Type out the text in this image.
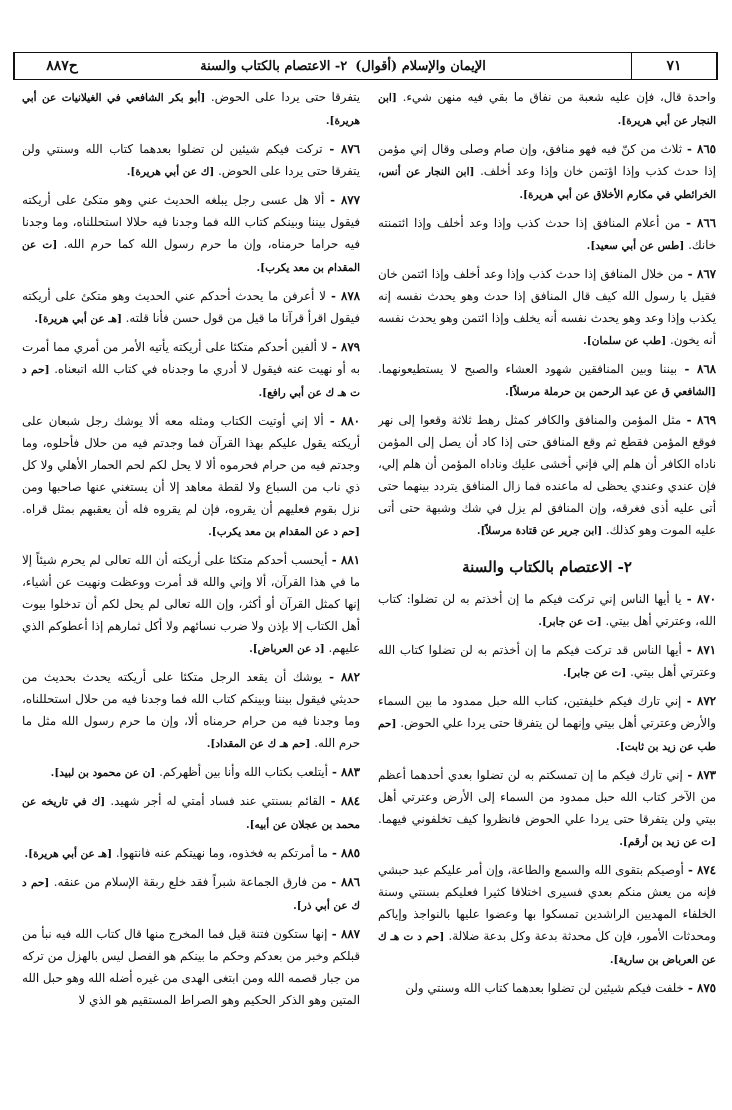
٧١
الإيمان والإسلام (أقوال)
٢- الاعتصام بالكتاب والسنة
ح٨٨٧

واحدة قال، فإن عليه شعبة من نفاق ما بقي فيه منهن شيء. [ابن النجار عن أبي هريرة].

٨٦٥ - ثلاث من كنّ فيه فهو منافق، وإن صام وصلى وقال إني مؤمن إذا حدث كذب وإذا اؤتمن خان وإذا وعد أخلف. [ابن النجار عن أنس، الخرائطي في مكارم الأخلاق عن أبي هريرة].

٨٦٦ - من أعلام المنافق إذا حدث كذب وإذا وعد أخلف وإذا ائتمنته خانك. [طس عن أبي سعيد].

٨٦٧ - من خلال المنافق إذا حدث كذب وإذا وعد أخلف وإذا ائتمن خان فقيل يا رسول الله كيف قال المنافق إذا حدث وهو يحدث نفسه إنه يكذب وإذا وعد وهو يحدث نفسه أنه يخلف وإذا ائتمن وهو يحدث نفسه أنه يخون. [طب عن سلمان].

٨٦٨ - بيننا وبين المنافقين شهود العشاء والصبح لا يستطيعونهما. [الشافعي ق عن عبد الرحمن بن حرملة مرسلاً].

٨٦٩ - مثل المؤمن والمنافق والكافر كمثل رهط ثلاثة وقعوا إلى نهر فوقع المؤمن فقطع ثم وقع المنافق حتى إذا كاد أن يصل إلى المؤمن ناداه الكافر أن هلم إلي فإني أخشى عليك وناداه المؤمن أن هلم إلي، فإن عندي وعندي يحظى له ماعنده فما زال المنافق يتردد بينهما حتى أتى عليه أذى فغرقه، وإن المنافق لم يزل في شك وشبهة حتى أتى عليه الموت وهو كذلك. [ابن جرير عن قتادة مرسلاً].

٢- الاعتصام بالكتاب والسنة

٨٧٠ - يا أيها الناس إني تركت فيكم ما إن أخذتم به لن تضلوا: كتاب الله، وعترتي أهل بيتي. [ت عن جابر].

٨٧١ - أيها الناس قد تركت فيكم ما إن أخذتم به لن تضلوا كتاب الله وعترتي أهل بيتي. [ت عن جابر].

٨٧٢ - إني تارك فيكم خليفتين، كتاب الله حبل ممدود ما بين السماء والأرض وعترتي أهل بيتي وإنهما لن يتفرقا حتى يردا علي الحوض. [حم طب عن زيد بن ثابت].

٨٧٣ - إني تارك فيكم ما إن تمسكتم به لن تضلوا بعدي أحدهما أعظم من الآخر كتاب الله حبل ممدود من السماء إلى الأرض وعترتي أهل بيتي ولن يتفرقا حتى يردا علي الحوض فانظروا كيف تخلفوني فيهما. [ت عن زيد بن أرقم].

٨٧٤ - أوصيكم بتقوى الله والسمع والطاعة، وإن أمر عليكم عبد حبشي فإنه من يعش منكم بعدي فسيرى اختلافا كثيرا فعليكم بسنتي وسنة الخلفاء المهديين الراشدين تمسكوا بها وعضوا عليها بالنواجذ وإياكم ومحدثات الأمور، فإن كل محدثة بدعة وكل بدعة ضلالة. [حم د ت هـ ك عن العرباض بن سارية].

٨٧٥ - خلفت فيكم شيئين لن تضلوا بعدهما كتاب الله وسنتي ولن

يتفرقا حتى يردا على الحوض. [أبو بكر الشافعي في الغيلانيات عن أبي هريرة].

٨٧٦ - تركت فيكم شيئين لن تضلوا بعدهما كتاب الله وسنتي ولن يتفرقا حتى يردا على الحوض. [ك عن أبي هريرة].

٨٧٧ - ألا هل عسى رجل يبلغه الحديث عني وهو متكئ على أريكته فيقول بيننا وبينكم كتاب الله فما وجدنا فيه حلالا استحللناه، وما وجدنا فيه حراما حرمناه، وإن ما حرم رسول الله كما حرم الله. [ت عن المقدام بن معد يكرب].

٨٧٨ - لا أعرفن ما يحدث أحدكم عني الحديث وهو متكئ على أريكته فيقول اقرأ قرآنا ما قيل من قول حسن فأنا قلته. [هـ عن أبي هريرة].

٨٧٩ - لا ألفين أحدكم متكئا على أريكته يأتيه الأمر من أمري مما أمرت به أو نهيت عنه فيقول لا أدري ما وجدناه في كتاب الله اتبعناه. [حم د ت هـ ك عن أبي رافع].

٨٨٠ - ألا إني أوتيت الكتاب ومثله معه ألا يوشك رجل شبعان على أريكته يقول عليكم بهذا القرآن فما وجدتم فيه من حلال فأحلوه، وما وجدتم فيه من حرام فحرموه ألا لا يحل لكم لحم الحمار الأهلي ولا كل ذي ناب من السباع ولا لقطة معاهد إلا أن يستغني عنها صاحبها ومن نزل بقوم فعليهم أن يقروه، فإن لم يقروه فله أن يعقبهم بمثل قراه. [حم د عن المقدام بن معد يكرب].

٨٨١ - أيحسب أحدكم متكئا على أريكته أن الله تعالى لم يحرم شيئاً إلا ما في هذا القرآن، ألا وإني والله قد أمرت ووعظت ونهيت عن أشياء، إنها كمثل القرآن أو أكثر، وإن الله تعالى لم يحل لكم أن تدخلوا بيوت أهل الكتاب إلا بإذن ولا ضرب نسائهم ولا أكل ثمارهم إذا أعطوكم الذي عليهم. [د عن العرباض].

٨٨٢ - يوشك أن يقعد الرجل متكئا على أريكته يحدث بحديث من حديثي فيقول بيننا وبينكم كتاب الله فما وجدنا فيه من حلال استحللناه، وما وجدنا فيه من حرام حرمناه ألا، وإن ما حرم رسول الله مثل ما حرم الله. [حم هـ ك عن المقداد].

٨٨٣ - أيتلعب بكتاب الله وأنا بين أظهركم. [ن عن محمود بن لبيد].

٨٨٤ - القائم بسنتي عند فساد أمتي له أجر شهيد. [ك في تاريخه عن محمد بن عجلان عن أبيه].

٨٨٥ - ما أمرتكم به فخذوه، وما نهيتكم عنه فانتهوا. [هـ عن أبي هريرة].

٨٨٦ - من فارق الجماعة شبراً فقد خلع ربقة الإسلام من عنقه. [حم د ك عن أبي ذر].

٨٨٧ - إنها ستكون فتنة قيل فما المخرج منها قال كتاب الله فيه نبأ من قبلكم وخبر من بعدكم وحكم ما بينكم هو الفصل ليس بالهزل من تركه من جبار قصمه الله ومن ابتغى الهدى من غيره أضله الله وهو حبل الله المتين وهو الذكر الحكيم وهو الصراط المستقيم هو الذي لا
